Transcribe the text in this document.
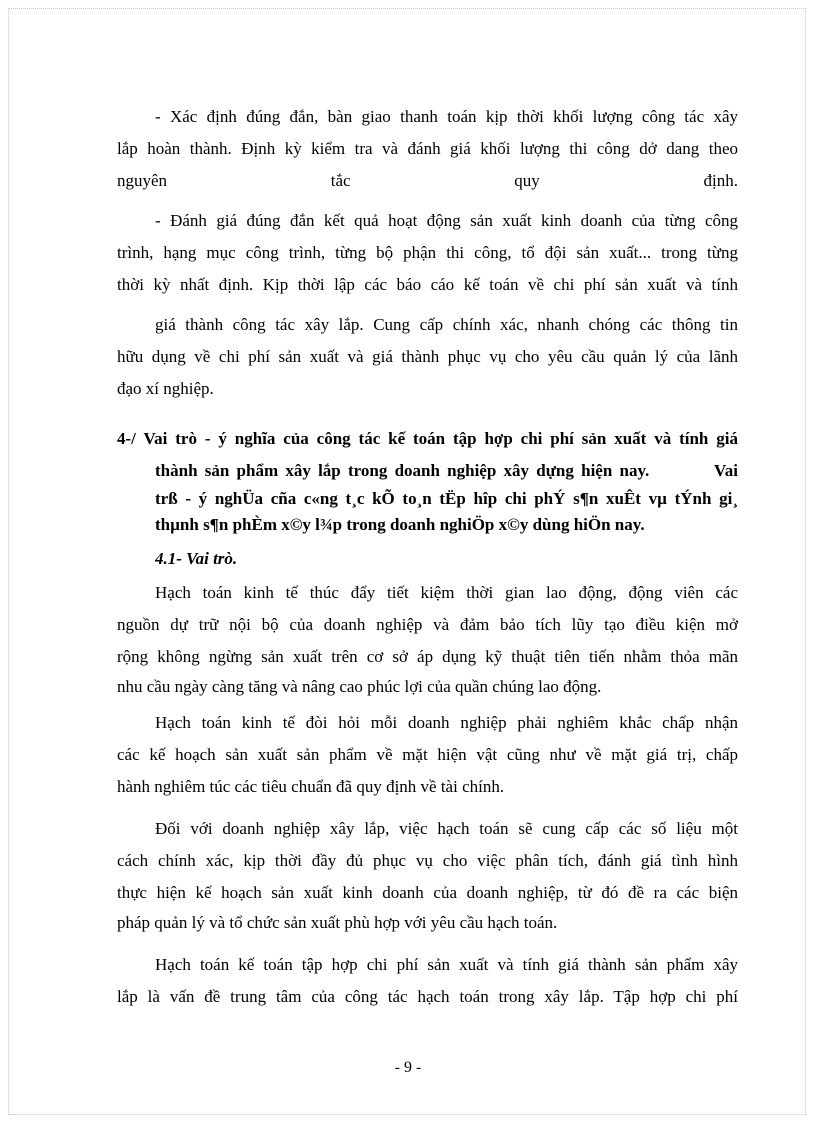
- Xác định đúng đắn, bàn giao thanh toán kịp thời khối lượng công tác xây
lắp hoàn thành. Định kỳ kiểm tra và đánh giá khối lượng thi công dở dang theo
nguyên	tắc	quy	định.
- Đánh giá đúng đắn kết quả hoạt động sản xuất kinh doanh của từng công
trình, hạng mục công trình, từng bộ phận thi công, tổ đội sản xuất... trong từng
thời kỳ nhất định. Kịp thời lập các báo cáo kế toán về chi phí sản xuất và tính
giá thành công tác xây lắp. Cung cấp chính xác, nhanh chóng các thông tin
hữu dụng về chi phí sản xuất và giá thành phục vụ cho yêu cầu quản lý của lãnh
đạo xí nghiệp.
4-/ Vai trò - ý nghĩa của công tác kế toán tập hợp chi phí sản xuất và tính giá
thành sản phẩm xây lắp trong doanh nghiệp xây dựng hiện nay.         Vai
trß - ý nghÜa cña c«ng t¸c kÕ to¸n tËp hîp chi phÝ s¶n xuÊt vµ tÝnh gi¸
thµnh s¶n phÈm x©y l¾p trong doanh nghiÖp x©y dùng hiÖn nay.
4.1- Vai trò.
Hạch toán kinh tế thúc đẩy tiết kiệm thời gian lao động, động viên các
nguồn dự trữ nội bộ của doanh nghiệp và đảm bảo tích lũy tạo điều kiện mở
rộng không ngừng sản xuất trên cơ sở áp dụng kỹ thuật tiên tiến nhằm thỏa mãn
nhu cầu ngày càng tăng và nâng cao phúc lợi của quần chúng lao động.
Hạch toán kinh tế đòi hỏi mỗi doanh nghiệp phải nghiêm khắc chấp nhận
các kế hoạch sản xuất sản phẩm về mặt hiện vật cũng như về mặt giá trị, chấp
hành nghiêm túc các tiêu chuẩn đã quy định về tài chính.
Đối với doanh nghiệp xây lắp, việc hạch toán sẽ cung cấp các số liệu một
cách chính xác, kịp thời đầy đủ phục vụ cho việc phân tích, đánh giá tình hình
thực hiện kế hoạch sản xuất kinh doanh của doanh nghiệp, từ đó đề ra các biện
pháp quản lý và tổ chức sản xuất phù hợp với yêu cầu hạch toán.
Hạch toán kế toán tập hợp chi phí sản xuất và tính giá thành sản phẩm xây
lắp là vấn đề trung tâm của công tác hạch toán trong xây lắp. Tập hợp chi phí
- 9 -
